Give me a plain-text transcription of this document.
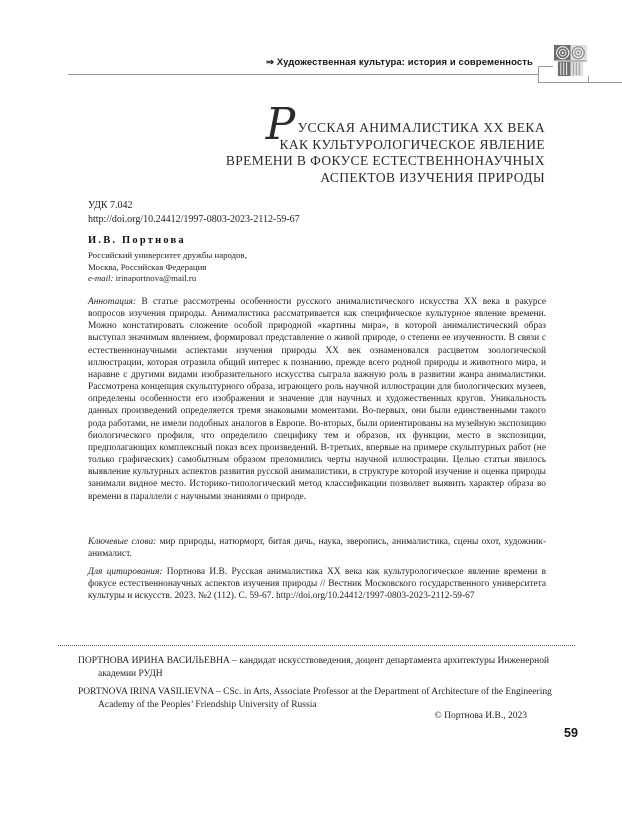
⇒ Художественная культура: история и современность
РУССКАЯ АНИМАЛИСТИКА XX ВЕКА
КАК КУЛЬТУРОЛОГИЧЕСКОЕ ЯВЛЕНИЕ
ВРЕМЕНИ В ФОКУСЕ ЕСТЕСТВЕННОНАУЧНЫХ
АСПЕКТОВ ИЗУЧЕНИЯ ПРИРОДЫ
УДК 7.042
http://doi.org/10.24412/1997-0803-2023-2112-59-67
И.В. Портнова
Российский университет дружбы народов,
Москва, Российская Федерация
e-mail: irinaportnova@mail.ru

Аннотация: В статье рассмотрены особенности русского анималистического искусства XX века в ракурсе вопросов изучения природы. Анималистика рассматривается как специфическое культурное явление времени. Можно констатировать сложение особой природной «картины мира», в которой анималистический образ выступал значимым явлением, формировал представление о живой природе, о степени ее изученности. В связи с естественнонаучными аспектами изучения природы XX век ознаменовался расцветом зоологической иллюстрации, которая отразила общий интерес к познанию, прежде всего родной природы и животного мира, и наравне с другими видами изобразительного искусства сыграла важную роль в развитии жанра анималистики. Рассмотрена концепция скульптурного образа, играющего роль научной иллюстрации для биологических музеев, определены особенности его изображения и значение для научных и художественных кругов. Уникальность данных произведений определяется тремя знаковыми моментами. Во-первых, они были единственными такого рода работами, не имели подобных аналогов в Европе. Во-вторых, были ориентированы на музейную экспозицию биологического профиля, что определило специфику тем и образов, их функции, место в экспозиции, предполагающих комплексный показ всех произведений. В-третьих, впервые на примере скульптурных работ (не только графических) самобытным образом преломились черты научной иллюстрации. Целью статьи явилось выявление культурных аспектов развития русской анималистики, в структуре которой изучение и оценка природы занимали видное место. Историко-типологический метод классификации позволяет выявить характер образа во времени в параллели с научными знаниями о природе.

Ключевые слова: мир природы, натюрморт, битая дичь, наука, зверопись, анималистика, сцены охот, художник-анималист.

Для цитирования: Портнова И.В. Русская анималистика XX века как культурологическое явление времени в фокусе естественнонаучных аспектов изучения природы // Вестник Московского государственного университета культуры и искусств. 2023. №2 (112). С. 59-67. http://doi.org/10.24412/1997-0803-2023-2112-59-67

ПОРТНОВА ИРИНА ВАСИЛЬЕВНА – кандидат искусствоведения, доцент департамента архитектуры Инженерной академии РУДН

PORTNOVA IRINA VASILIEVNA – CSc. in Arts, Associate Professor at the Department of Architecture of the Engineering Academy of the Peoples’ Friendship University of Russia

© Портнова И.В., 2023
59
